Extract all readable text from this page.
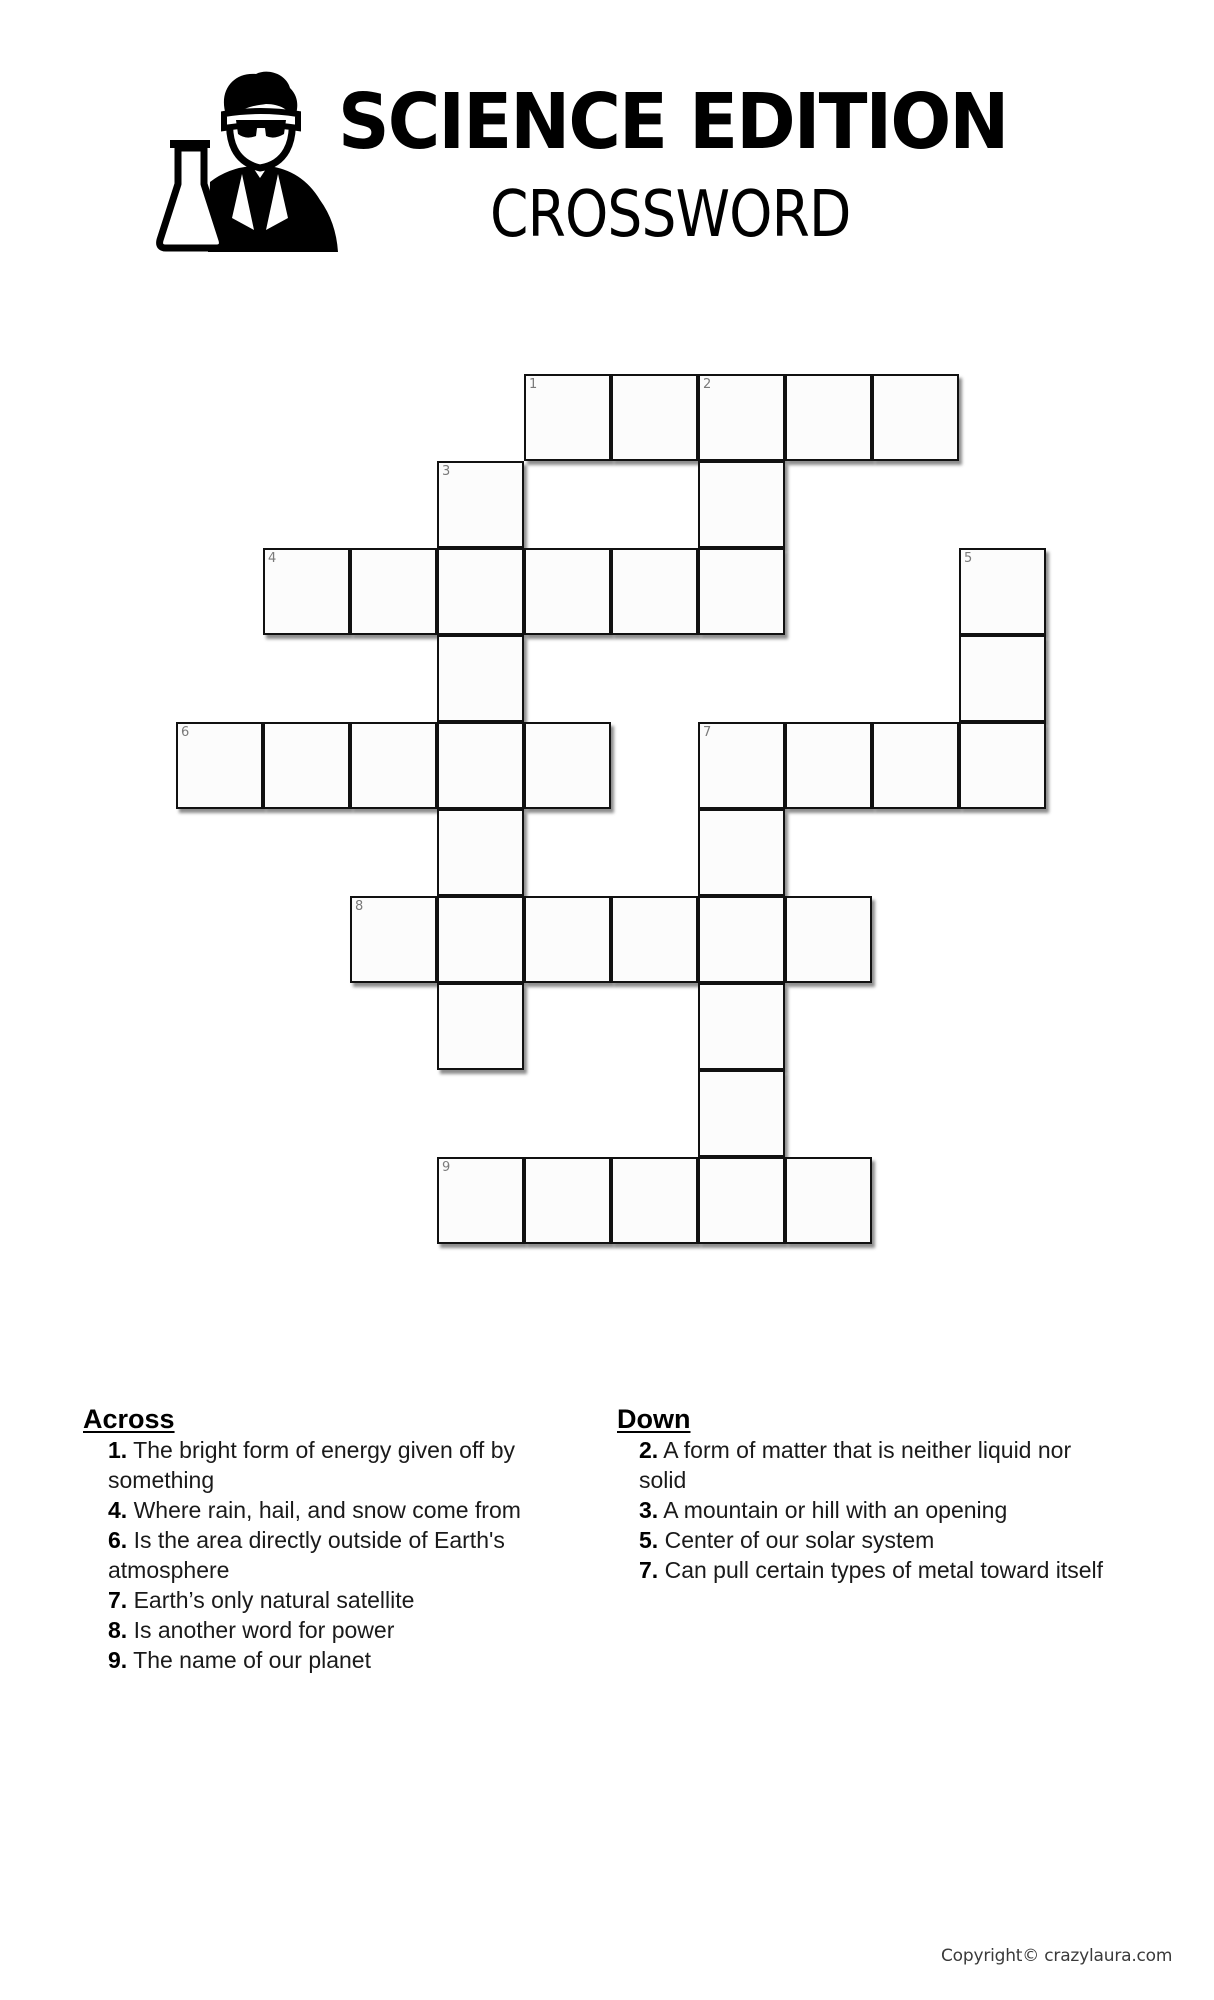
SCIENCE EDITION
CROSSWORD
1	2
3
4	5
6	7
8
9
Across
1. The bright form of energy given off by something
4. Where rain, hail, and snow come from
6. Is the area directly outside of Earth's atmosphere
7. Earth’s only natural satellite
8. Is another word for power
9. The name of our planet
Down
2. A form of matter that is neither liquid nor solid
3. A mountain or hill with an opening
5. Center of our solar system
7. Can pull certain types of metal toward itself
Copyright© crazylaura.com
